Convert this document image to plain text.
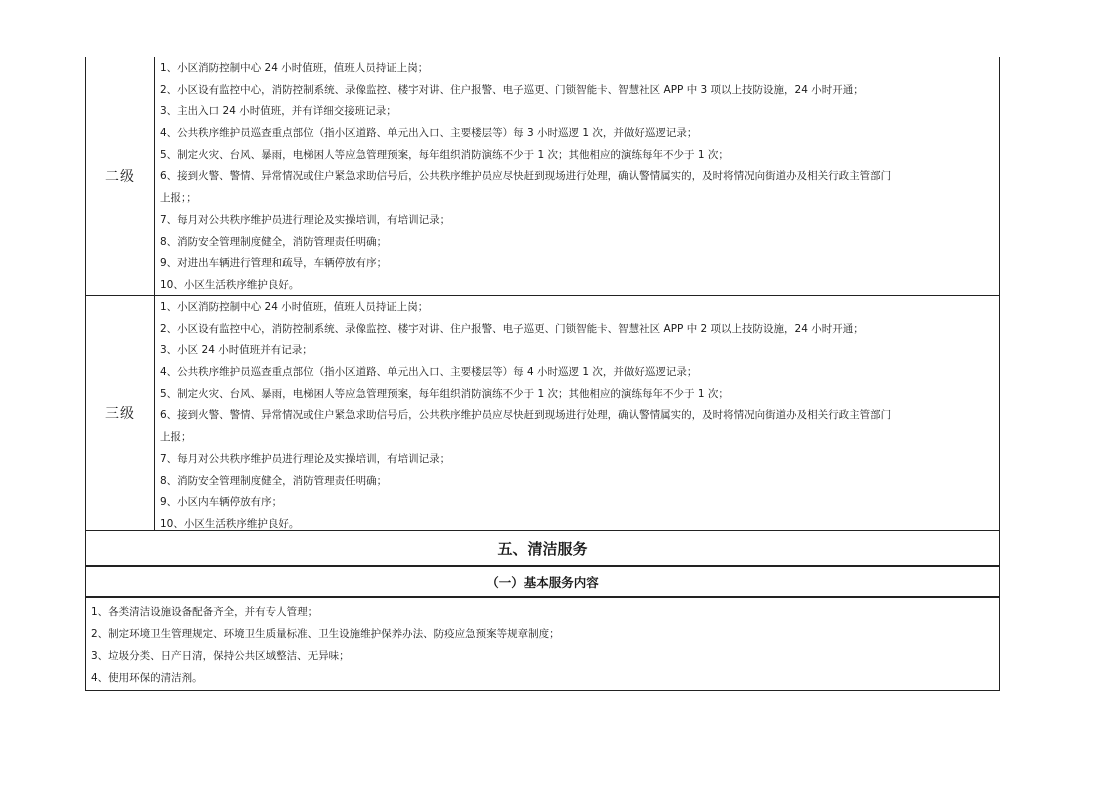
二级
1、小区消防控制中心 24 小时值班，值班人员持证上岗；
2、小区设有监控中心，消防控制系统、录像监控、楼宇对讲、住户报警、电子巡更、门锁智能卡、智慧社区 APP 中 3 项以上技防设施，24 小时开通；
3、主出入口 24 小时值班，并有详细交接班记录；
4、公共秩序维护员巡查重点部位（指小区道路、单元出入口、主要楼层等）每 3 小时巡逻 1 次，并做好巡逻记录；
5、制定火灾、台风、暴雨，电梯困人等应急管理预案，每年组织消防演练不少于 1 次；其他相应的演练每年不少于 1 次；
6、接到火警、警情、异常情况或住户紧急求助信号后，公共秩序维护员应尽快赶到现场进行处理，确认警情属实的，及时将情况向街道办及相关行政主管部门
上报；；
7、每月对公共秩序维护员进行理论及实操培训，有培训记录；
8、消防安全管理制度健全，消防管理责任明确；
9、对进出车辆进行管理和疏导，车辆停放有序；
10、小区生活秩序维护良好。
三级
1、小区消防控制中心 24 小时值班，值班人员持证上岗；
2、小区设有监控中心，消防控制系统、录像监控、楼宇对讲、住户报警、电子巡更、门锁智能卡、智慧社区 APP 中 2 项以上技防设施，24 小时开通；
3、小区 24 小时值班并有记录；
4、公共秩序维护员巡查重点部位（指小区道路、单元出入口、主要楼层等）每 4 小时巡逻 1 次，并做好巡逻记录；
5、制定火灾、台风、暴雨，电梯困人等应急管理预案，每年组织消防演练不少于 1 次；其他相应的演练每年不少于 1 次；
6、接到火警、警情、异常情况或住户紧急求助信号后，公共秩序维护员应尽快赶到现场进行处理，确认警情属实的，及时将情况向街道办及相关行政主管部门
上报；
7、每月对公共秩序维护员进行理论及实操培训，有培训记录；
8、消防安全管理制度健全，消防管理责任明确；
9、小区内车辆停放有序；
10、小区生活秩序维护良好。
五、清洁服务
（一）基本服务内容
1、各类清洁设施设备配备齐全，并有专人管理；
2、制定环境卫生管理规定、环境卫生质量标准、卫生设施维护保养办法、防疫应急预案等规章制度；
3、垃圾分类、日产日清，保持公共区域整洁、无异味；
4、使用环保的清洁剂。
